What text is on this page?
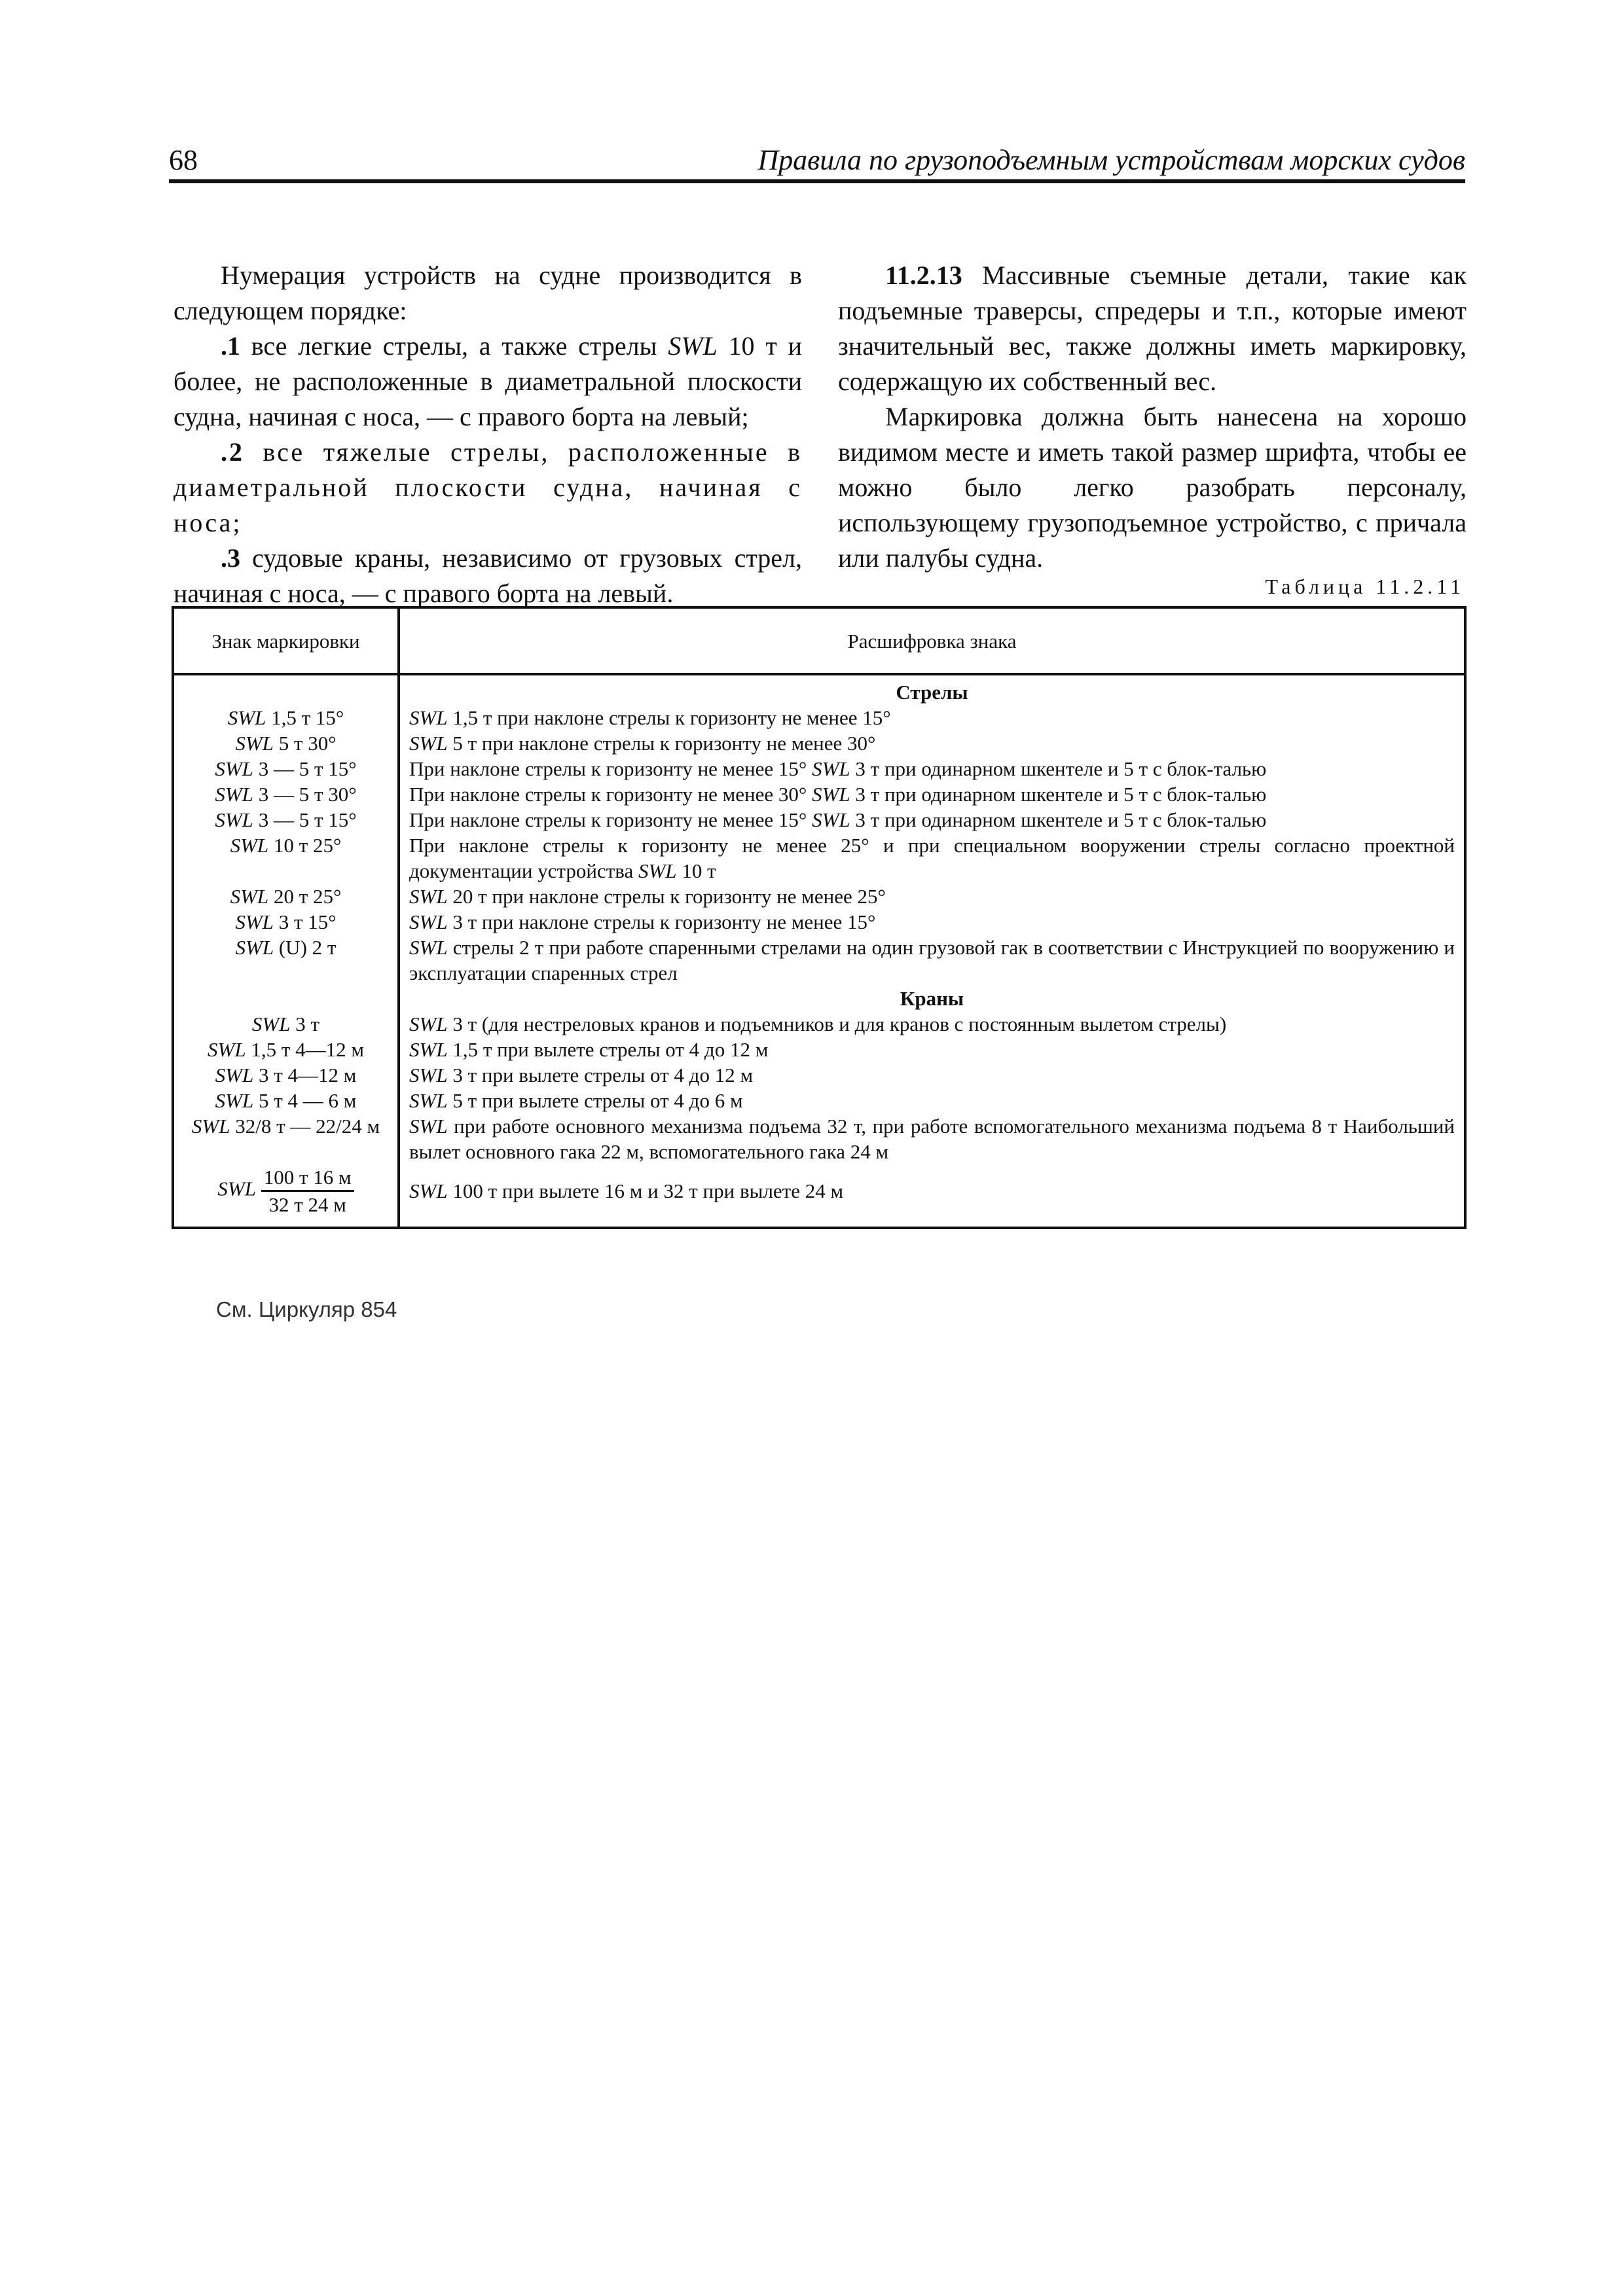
68	Правила по грузоподъемным устройствам морских судов

Нумерация устройств на судне производится в следующем порядке:

.1 все легкие стрелы, а также стрелы SWL 10 т и более, не расположенные в диаметральной плоскости судна, начиная с носа, — с правого борта на левый;

.2 все тяжелые стрелы, расположенные в диаметральной плоскости судна, начиная с носа;

.3 судовые краны, независимо от грузовых стрел, начиная с носа, — с правого борта на левый.

11.2.13 Массивные съемные детали, такие как подъемные траверсы, спредеры и т.п., которые имеют значительный вес, также должны иметь маркировку, содержащую их собственный вес.

Маркировка должна быть нанесена на хорошо видимом месте и иметь такой размер шрифта, чтобы ее можно было легко разобрать персоналу, использующему грузоподъемное устройство, с причала или палубы судна.

Таблица 11.2.11
Знак маркировки	Расшифровка знака
	Стрелы
SWL 1,5 т 15°	SWL 1,5 т при наклоне стрелы к горизонту не менее 15°
SWL 5 т 30°	SWL 5 т при наклоне стрелы к горизонту не менее 30°
SWL 3 — 5 т 15°	При наклоне стрелы к горизонту не менее 15° SWL 3 т при одинарном шкентеле и 5 т с блок-талью
SWL 3 — 5 т 30°	При наклоне стрелы к горизонту не менее 30° SWL 3 т при одинарном шкентеле и 5 т с блок-талью
SWL 3 — 5 т 15°	При наклоне стрелы к горизонту не менее 15° SWL 3 т при одинарном шкентеле и 5 т с блок-талью
SWL 10 т 25°	При наклоне стрелы к горизонту не менее 25° и при специальном вооружении стрелы согласно проектной документации устройства SWL 10 т
SWL 20 т 25°	SWL 20 т при наклоне стрелы к горизонту не менее 25°
SWL 3 т 15°	SWL 3 т при наклоне стрелы к горизонту не менее 15°
SWL (U) 2 т	SWL стрелы 2 т при работе спаренными стрелами на один грузовой гак в соответствии с Инструкцией по вооружению и эксплуатации спаренных стрел
	Краны
SWL 3 т	SWL 3 т (для нестреловых кранов и подъемников и для кранов с постоянным вылетом стрелы)
SWL 1,5 т 4—12 м	SWL 1,5 т при вылете стрелы от 4 до 12 м
SWL 3 т 4—12 м	SWL 3 т при вылете стрелы от 4 до 12 м
SWL 5 т 4 — 6 м	SWL 5 т при вылете стрелы от 4 до 6 м
SWL 32/8 т — 22/24 м	SWL при работе основного механизма подъема 32 т, при работе вспомогательного механизма подъема 8 т Наибольший вылет основного гака 22 м, вспомогательного гака 24 м
SWL $\frac{100 т 16 м}{32 т 24 м}$	SWL 100 т при вылете 16 м и 32 т при вылете 24 м
См. Циркуляр 854
